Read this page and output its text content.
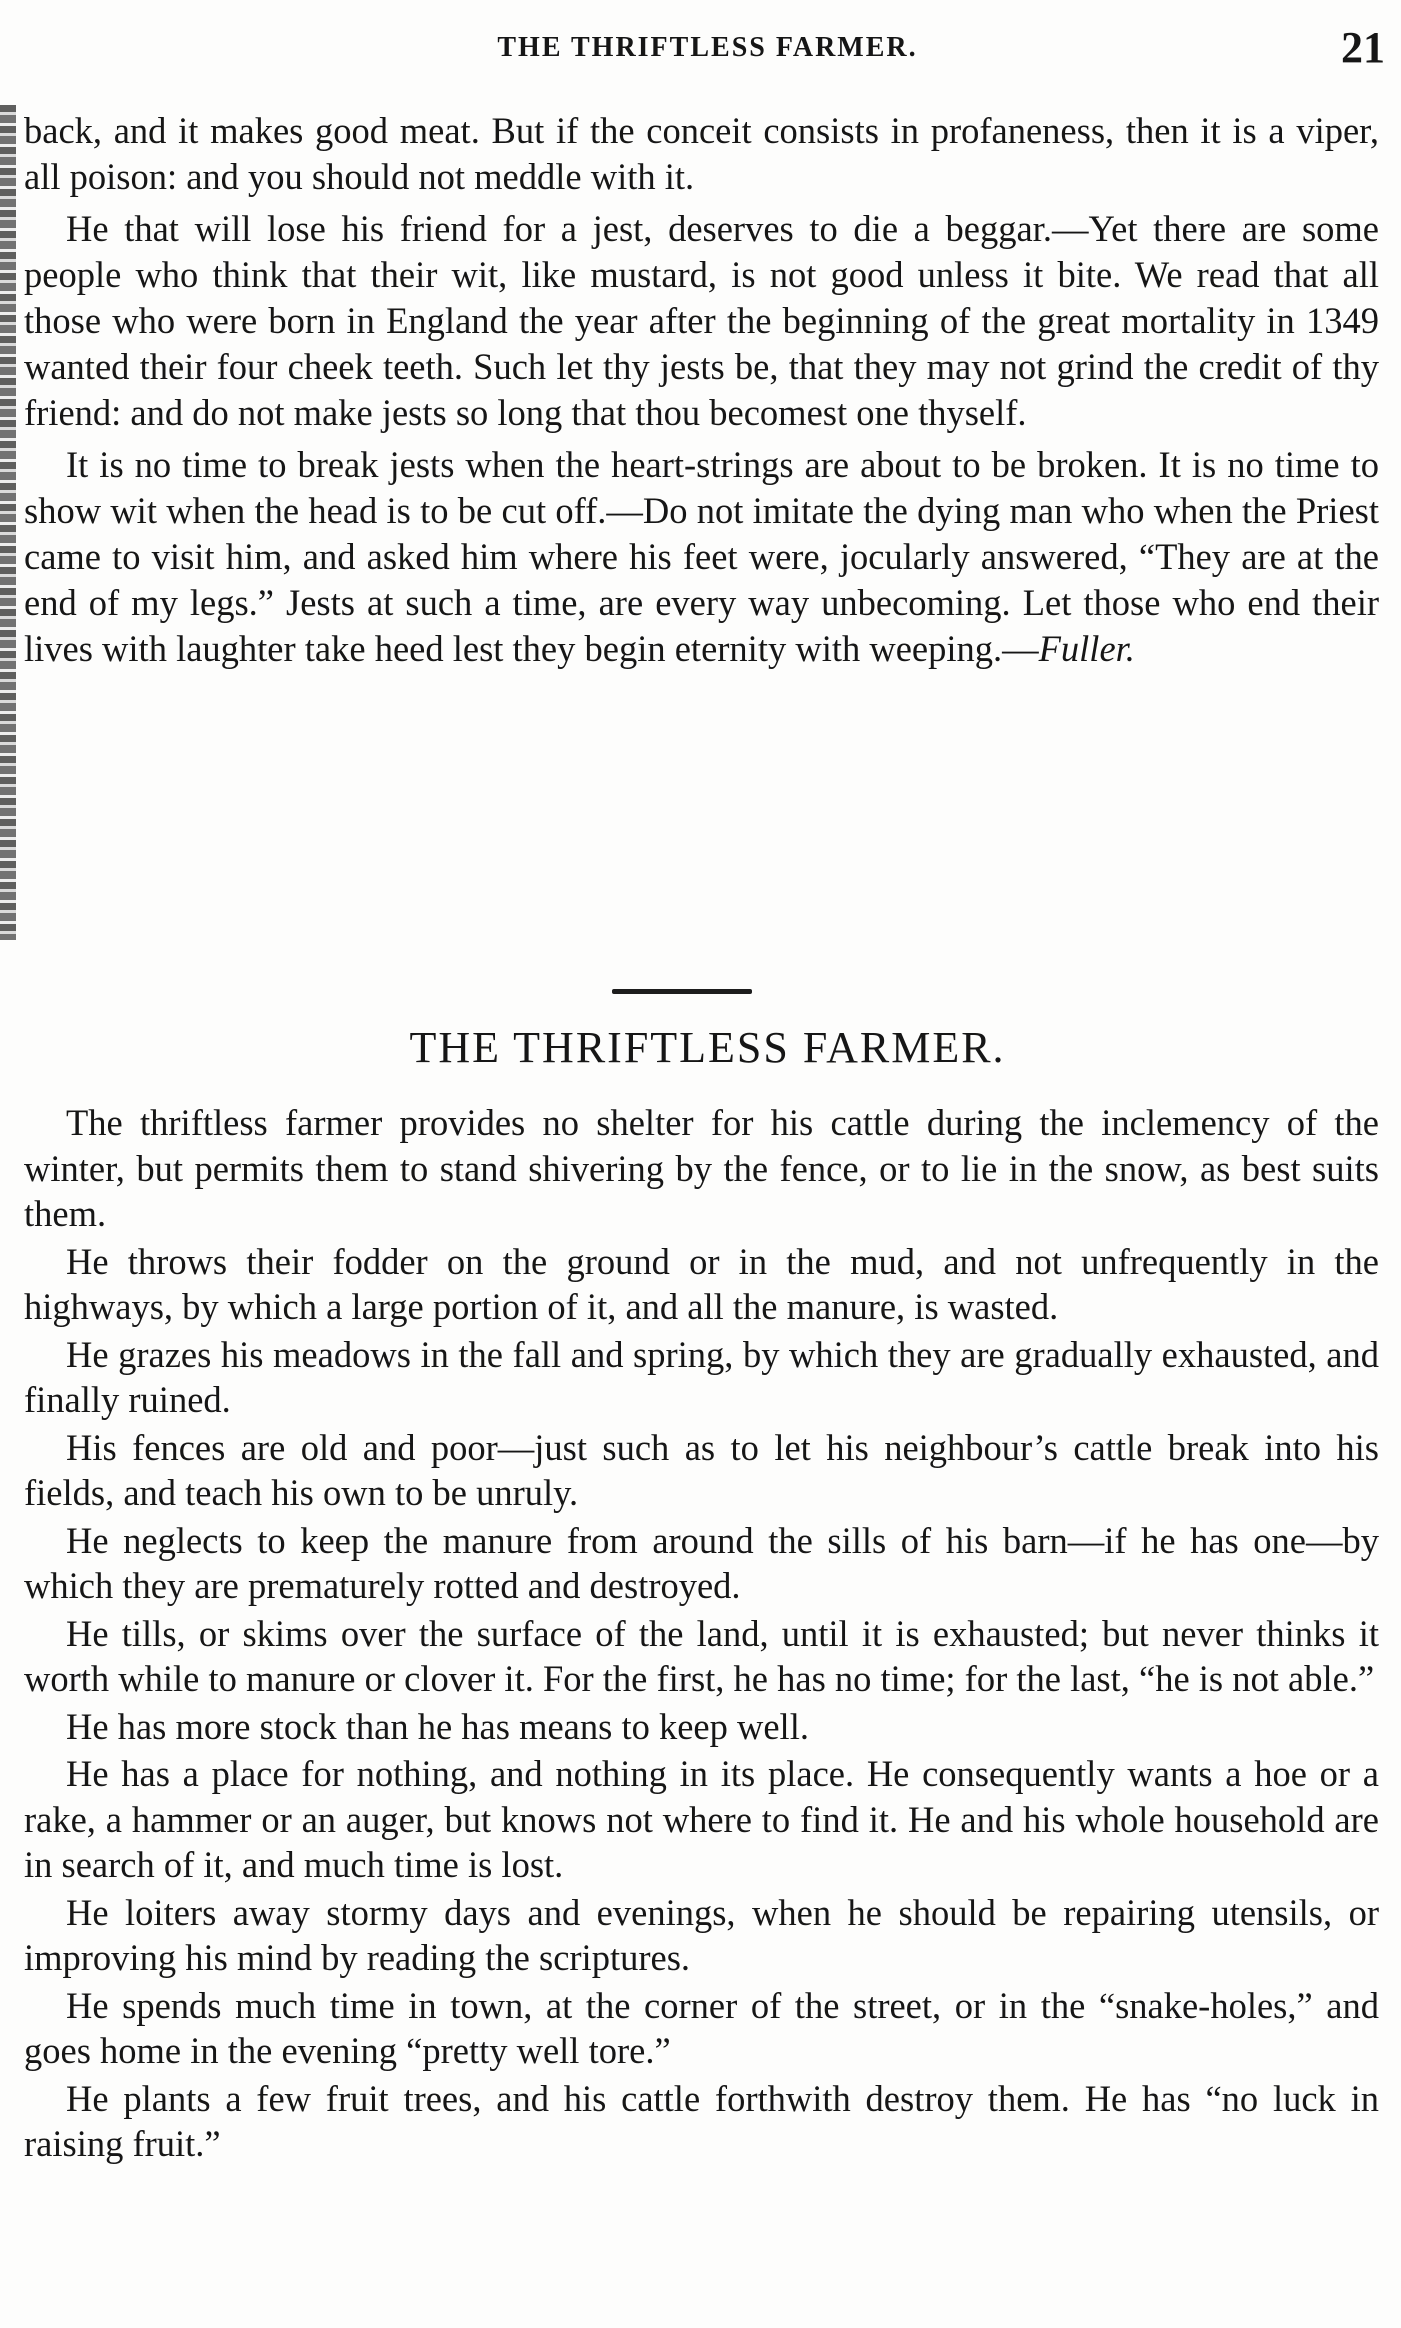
THE THRIFTLESS FARMER.	21

back, and it makes good meat. But if the conceit consists in profaneness, then it is a viper, all poison: and you should not meddle with it.

He that will lose his friend for a jest, deserves to die a beggar.—Yet there are some people who think that their wit, like mustard, is not good unless it bite. We read that all those who were born in England the year after the beginning of the great mortality in 1349 wanted their four cheek teeth. Such let thy jests be, that they may not grind the credit of thy friend: and do not make jests so long that thou becomest one thyself.

It is no time to break jests when the heart-strings are about to be broken. It is no time to show wit when the head is to be cut off.—Do not imitate the dying man who when the Priest came to visit him, and asked him where his feet were, jocularly answered, “They are at the end of my legs.” Jests at such a time, are every way unbecoming. Let those who end their lives with laughter take heed lest they begin eternity with weeping.—Fuller.

THE THRIFTLESS FARMER.

The thriftless farmer provides no shelter for his cattle during the inclemency of the winter, but permits them to stand shivering by the fence, or to lie in the snow, as best suits them.

He throws their fodder on the ground or in the mud, and not unfrequently in the highways, by which a large portion of it, and all the manure, is wasted.

He grazes his meadows in the fall and spring, by which they are gradually exhausted, and finally ruined.

His fences are old and poor—just such as to let his neighbour’s cattle break into his fields, and teach his own to be unruly.

He neglects to keep the manure from around the sills of his barn—if he has one—by which they are prematurely rotted and destroyed.

He tills, or skims over the surface of the land, until it is exhausted; but never thinks it worth while to manure or clover it. For the first, he has no time; for the last, “he is not able.”

He has more stock than he has means to keep well.

He has a place for nothing, and nothing in its place. He consequently wants a hoe or a rake, a hammer or an auger, but knows not where to find it. He and his whole household are in search of it, and much time is lost.

He loiters away stormy days and evenings, when he should be repairing utensils, or improving his mind by reading the scriptures.

He spends much time in town, at the corner of the street, or in the “snake-holes,” and goes home in the evening “pretty well tore.”

He plants a few fruit trees, and his cattle forthwith destroy them. He has “no luck in raising fruit.”
